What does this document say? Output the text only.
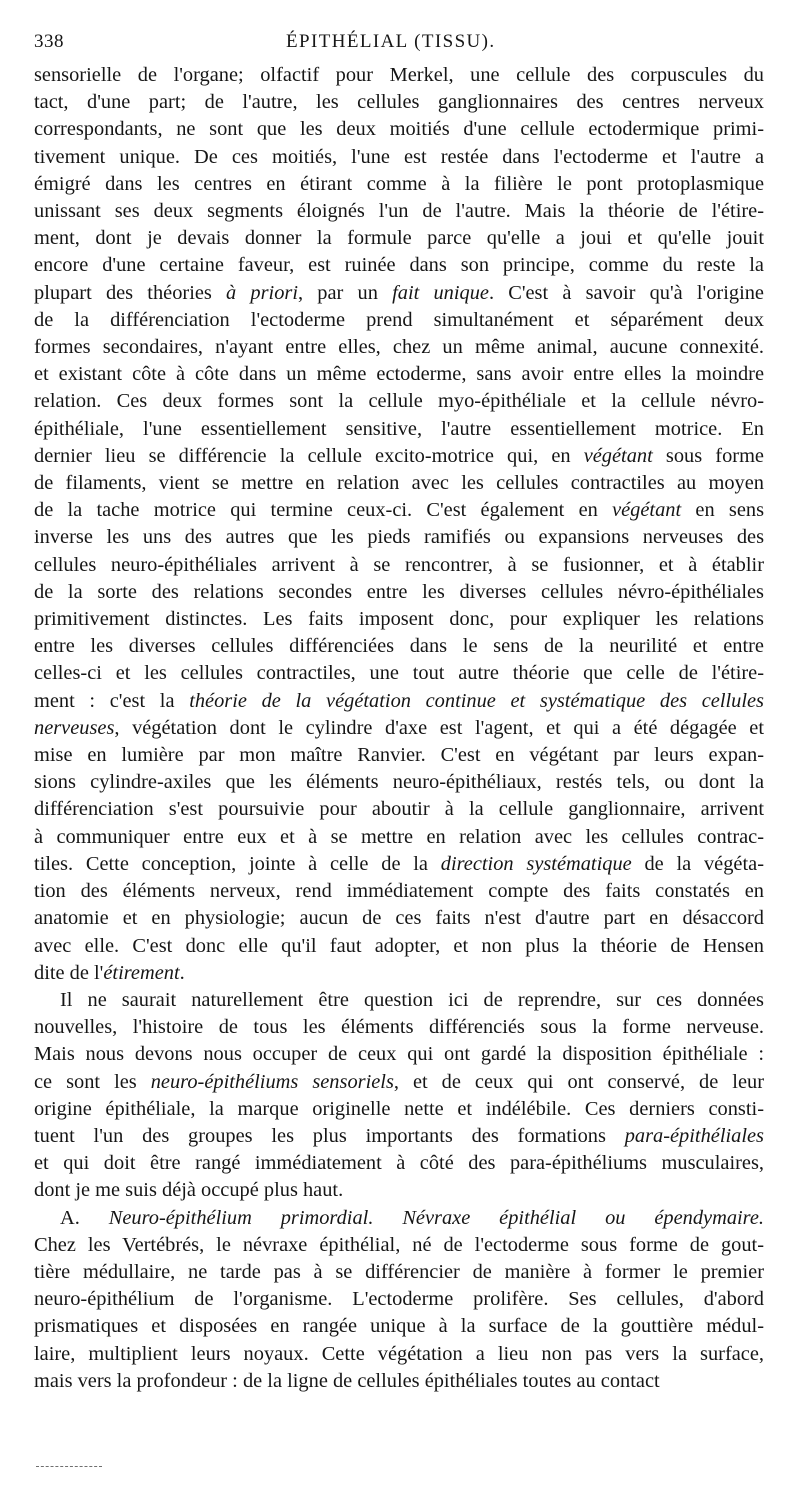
338	ÉPITHÉLIAL (TISSU).
sensorielle de l'organe; olfactif pour Merkel, une cellule des corpuscules du
tact, d'une part; de l'autre, les cellules ganglionnaires des centres nerveux
correspondants, ne sont que les deux moitiés d'une cellule ectodermique primi-
tivement unique. De ces moitiés, l'une est restée dans l'ectoderme et l'autre a
émigré dans les centres en étirant comme à la filière le pont protoplasmique
unissant ses deux segments éloignés l'un de l'autre. Mais la théorie de l'étire-
ment, dont je devais donner la formule parce qu'elle a joui et qu'elle jouit
encore d'une certaine faveur, est ruinée dans son principe, comme du reste la
plupart des théories à priori, par un fait unique. C'est à savoir qu'à l'origine
de la différenciation l'ectoderme prend simultanément et séparément deux
formes secondaires, n'ayant entre elles, chez un même animal, aucune connexité.
et existant côte à côte dans un même ectoderme, sans avoir entre elles la moindre
relation. Ces deux formes sont la cellule myo-épithéliale et la cellule névro-
épithéliale, l'une essentiellement sensitive, l'autre essentiellement motrice. En
dernier lieu se différencie la cellule excito-motrice qui, en végétant sous forme
de filaments, vient se mettre en relation avec les cellules contractiles au moyen
de la tache motrice qui termine ceux-ci. C'est également en végétant en sens
inverse les uns des autres que les pieds ramifiés ou expansions nerveuses des
cellules neuro-épithéliales arrivent à se rencontrer, à se fusionner, et à établir
de la sorte des relations secondes entre les diverses cellules névro-épithéliales
primitivement distinctes. Les faits imposent donc, pour expliquer les relations
entre les diverses cellules différenciées dans le sens de la neurilité et entre
celles-ci et les cellules contractiles, une tout autre théorie que celle de l'étire-
ment : c'est la théorie de la végétation continue et systématique des cellules
nerveuses, végétation dont le cylindre d'axe est l'agent, et qui a été dégagée et
mise en lumière par mon maître Ranvier. C'est en végétant par leurs expan-
sions cylindre-axiles que les éléments neuro-épithéliaux, restés tels, ou dont la
différenciation s'est poursuivie pour aboutir à la cellule ganglionnaire, arrivent
à communiquer entre eux et à se mettre en relation avec les cellules contrac-
tiles. Cette conception, jointe à celle de la direction systématique de la végéta-
tion des éléments nerveux, rend immédiatement compte des faits constatés en
anatomie et en physiologie; aucun de ces faits n'est d'autre part en désaccord
avec elle. C'est donc elle qu'il faut adopter, et non plus la théorie de Hensen
dite de l'étirement.
Il ne saurait naturellement être question ici de reprendre, sur ces données
nouvelles, l'histoire de tous les éléments différenciés sous la forme nerveuse.
Mais nous devons nous occuper de ceux qui ont gardé la disposition épithéliale :
ce sont les neuro-épithéliums sensoriels, et de ceux qui ont conservé, de leur
origine épithéliale, la marque originelle nette et indélébile. Ces derniers consti-
tuent l'un des groupes les plus importants des formations para-épithéliales
et qui doit être rangé immédiatement à côté des para-épithéliums musculaires,
dont je me suis déjà occupé plus haut.
A. Neuro-épithélium primordial. Névraxe épithélial ou épendymaire.
Chez les Vertébrés, le névraxe épithélial, né de l'ectoderme sous forme de gout-
tière médullaire, ne tarde pas à se différencier de manière à former le premier
neuro-épithélium de l'organisme. L'ectoderme prolifère. Ses cellules, d'abord
prismatiques et disposées en rangée unique à la surface de la gouttière médul-
laire, multiplient leurs noyaux. Cette végétation a lieu non pas vers la surface,
mais vers la profondeur : de la ligne de cellules épithéliales toutes au contact
